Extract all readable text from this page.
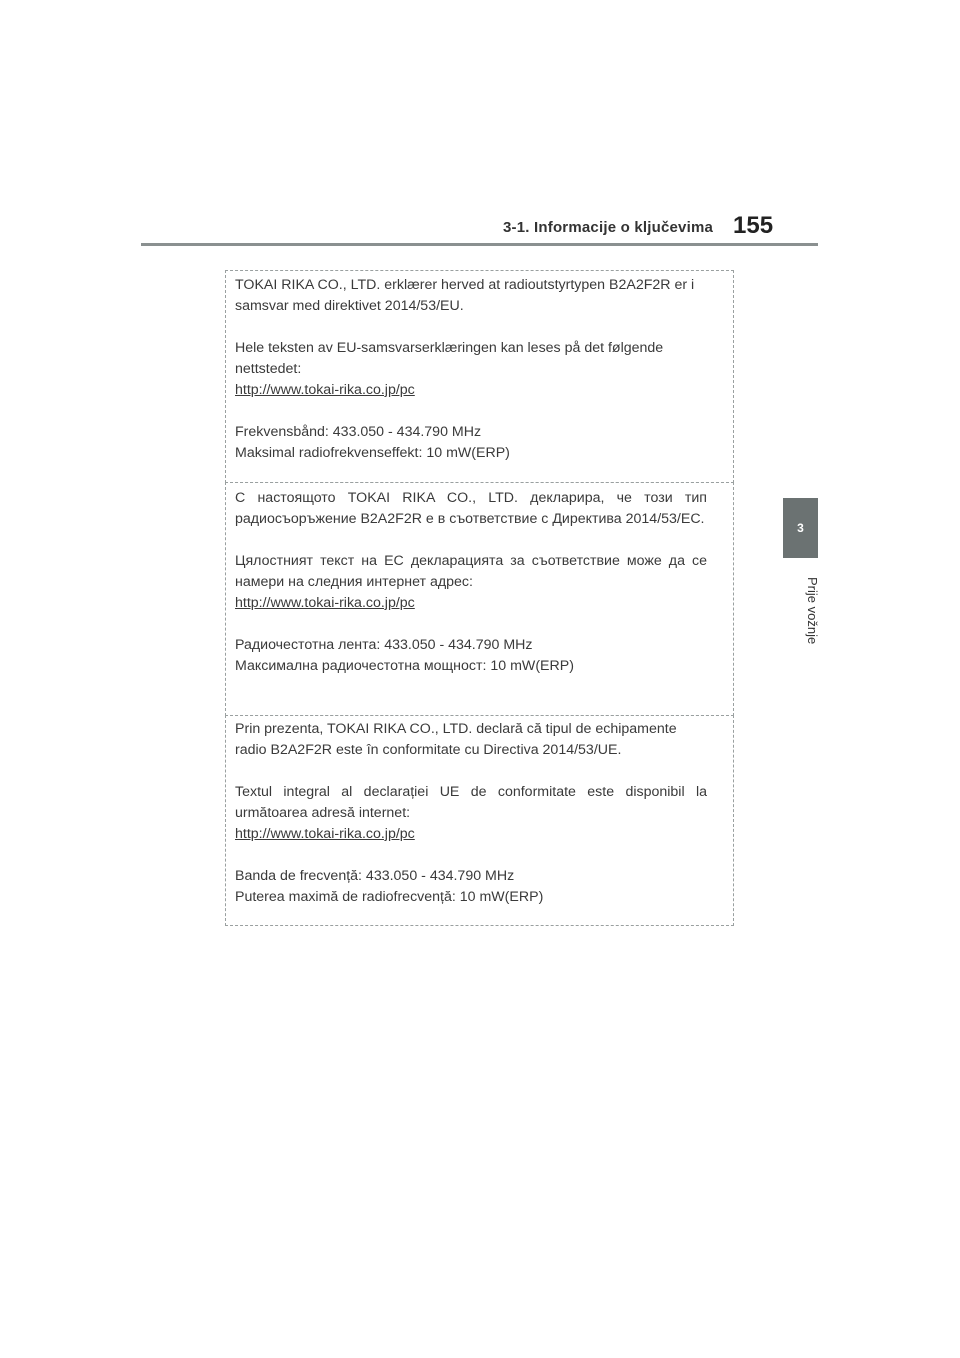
3-1. Informacije o ključevima 155
3
Prije vožnje

TOKAI RIKA CO., LTD. erklærer herved at radioutstyrtypen B2A2F2R er i samsvar med direktivet 2014/53/EU.

Hele teksten av EU-samsvarserklæringen kan leses på det følgende nettstedet:

http://www.tokai-rika.co.jp/pc

Frekvensbånd: 433.050 - 434.790 MHz
Maksimal radiofrekvenseffekt: 10 mW(ERP)

С настоящото TOKAI RIKA CO., LTD. декларира, че този тип радиосъоръжение B2A2F2R е в съответствие с Директива 2014/53/ЕС.

Цялостният текст на ЕС декларацията за съответствие може да се намери на следния интернет адрес:

http://www.tokai-rika.co.jp/pc

Радиочестотна лента: 433.050 - 434.790 MHz
Максимална радиочестотна мощност: 10 mW(ERP)

Prin prezenta, TOKAI RIKA CO., LTD. declară că tipul de echipamente radio B2A2F2R este în conformitate cu Directiva 2014/53/UE.

Textul integral al declarației UE de conformitate este disponibil la următoarea adresă internet:

http://www.tokai-rika.co.jp/pc

Banda de frecvență: 433.050 - 434.790 MHz
Puterea maximă de radiofrecvență: 10 mW(ERP)
